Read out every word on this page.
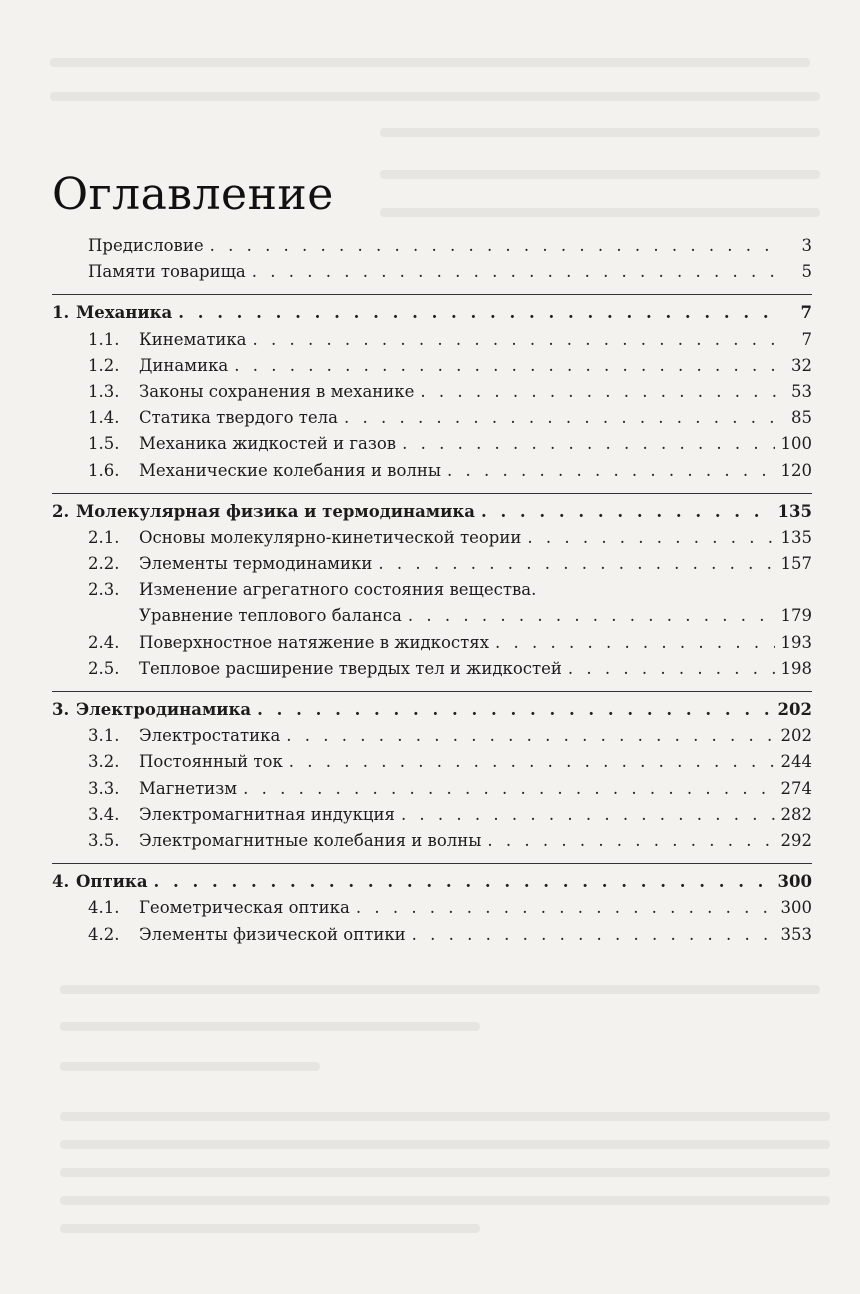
Оглавление
Предисловие . . .	3
Памяти товарища . . .	5
1. Механика . . .	7
1.1.	Кинематика . . .	7
1.2.	Динамика . . .	32
1.3.	Законы сохранения в механике . . .	53
1.4.	Статика твердого тела . . .	85
1.5.	Механика жидкостей и газов . . .	100
1.6.	Механические колебания и волны . . .	120
2. Молекулярная физика и термодинамика . . .	135
2.1.	Основы молекулярно-кинетической теории . . .	135
2.2.	Элементы термодинамики . . .	157
2.3.	Изменение агрегатного состояния вещества.
Уравнение теплового баланса . . .	179
2.4.	Поверхностное натяжение в жидкостях . . .	193
2.5.	Тепловое расширение твердых тел и жидкостей . . .	198
3. Электродинамика . . .	202
3.1.	Электростатика . . .	202
3.2.	Постоянный ток . . .	244
3.3.	Магнетизм . . .	274
3.4.	Электромагнитная индукция . . .	282
3.5.	Электромагнитные колебания и волны . . .	292
4. Оптика . . .	300
4.1.	Геометрическая оптика . . .	300
4.2.	Элементы физической оптики . . .	353
